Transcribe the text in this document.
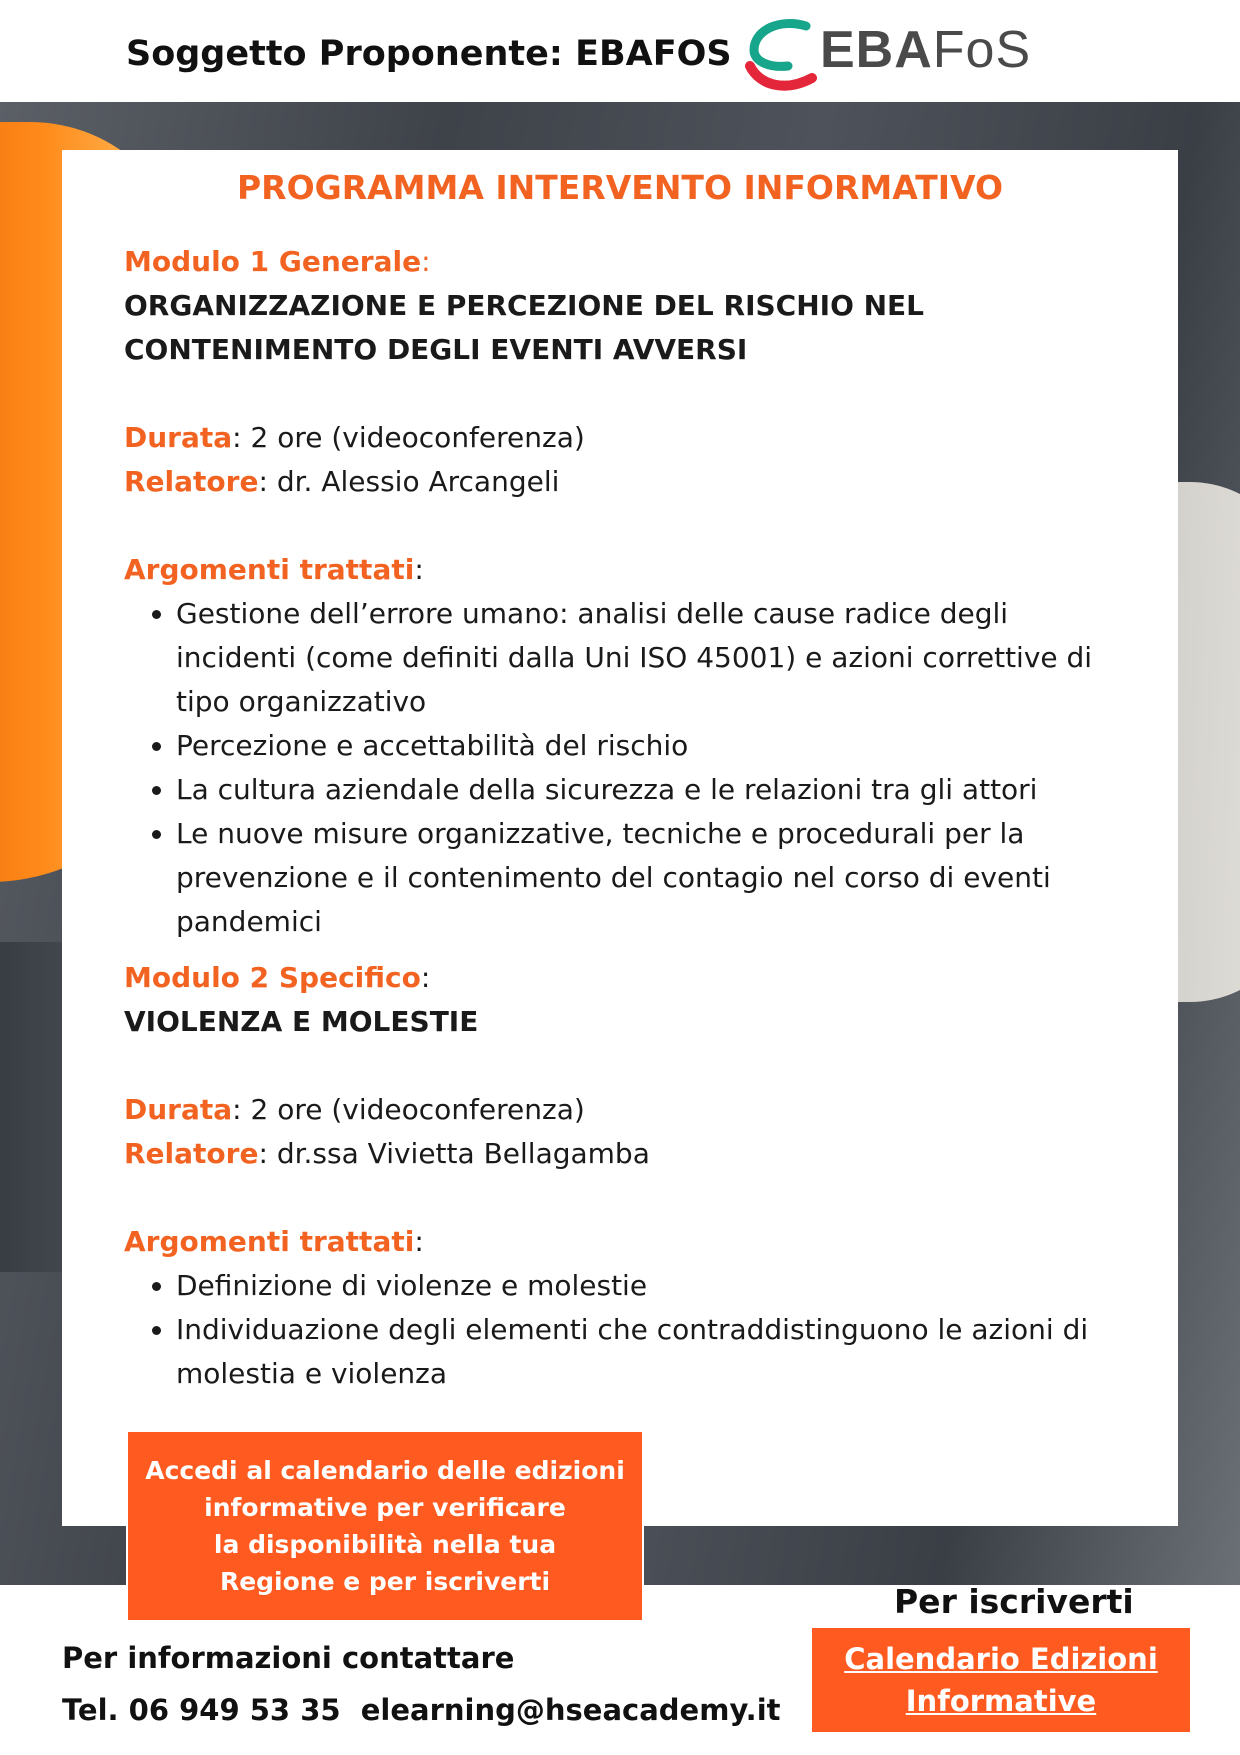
Soggetto Proponente: EBAFOS EBAFoS
PROGRAMMA INTERVENTO INFORMATIVO
Modulo 1 Generale:
ORGANIZZAZIONE E PERCEZIONE DEL RISCHIO NEL
CONTENIMENTO DEGLI EVENTI AVVERSI
Durata: 2 ore (videoconferenza)
Relatore: dr. Alessio Arcangeli
Argomenti trattati:
• Gestione dell’errore umano: analisi delle cause radice degli incidenti (come definiti dalla Uni ISO 45001) e azioni correttive di tipo organizzativo
• Percezione e accettabilità del rischio
• La cultura aziendale della sicurezza e le relazioni tra gli attori
• Le nuove misure organizzative, tecniche e procedurali per la prevenzione e il contenimento del contagio nel corso di eventi pandemici
Modulo 2 Specifico:
VIOLENZA E MOLESTIE
Durata: 2 ore (videoconferenza)
Relatore: dr.ssa Vivietta Bellagamba
Argomenti trattati:
• Definizione di violenze e molestie
• Individuazione degli elementi che contraddistinguono le azioni di molestia e violenza
Accedi al calendario delle edizioni
informative per verificare
la disponibilità nella tua
Regione e per iscriverti
Per informazioni contattare
Tel. 06 949 53 35 elearning@hseacademy.it
Per iscriverti
Calendario Edizioni
Informative
